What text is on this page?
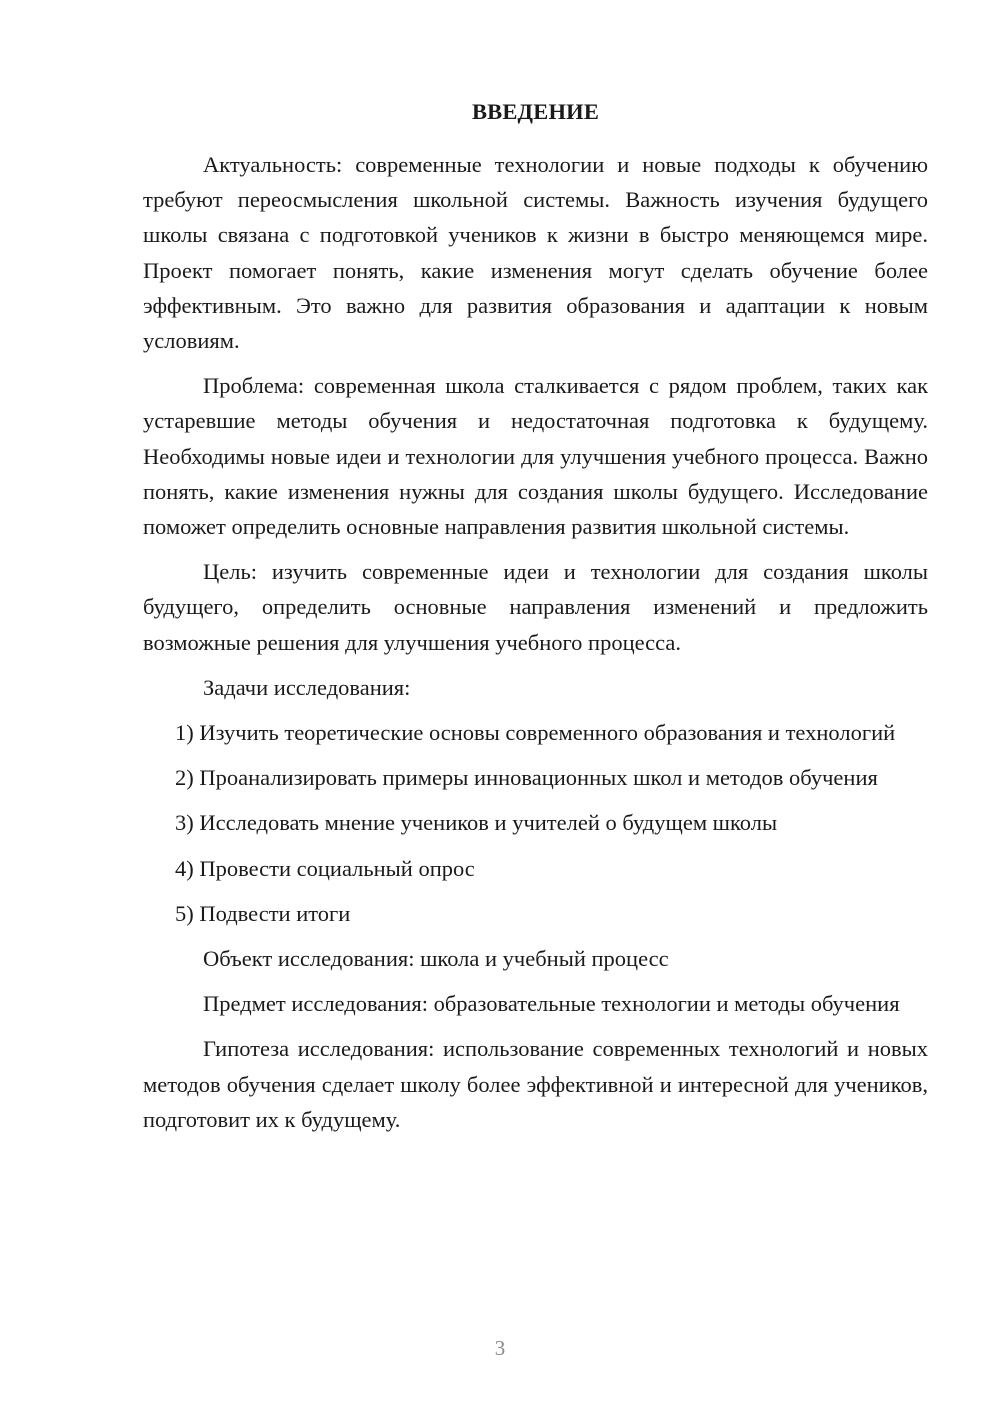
ВВЕДЕНИЕ

Актуальность: современные технологии и новые подходы к обучению требуют переосмысления школьной системы. Важность изучения будущего школы связана с подготовкой учеников к жизни в быстро меняющемся мире. Проект помогает понять, какие изменения могут сделать обучение более эффективным. Это важно для развития образования и адаптации к новым условиям.

Проблема: современная школа сталкивается с рядом проблем, таких как устаревшие методы обучения и недостаточная подготовка к будущему. Необходимы новые идеи и технологии для улучшения учебного процесса. Важно понять, какие изменения нужны для создания школы будущего. Исследование поможет определить основные направления развития школьной системы.

Цель: изучить современные идеи и технологии для создания школы будущего, определить основные направления изменений и предложить возможные решения для улучшения учебного процесса.

Задачи исследования:

1) Изучить теоретические основы современного образования и технологий

2) Проанализировать примеры инновационных школ и методов обучения

3) Исследовать мнение учеников и учителей о будущем школы

4) Провести социальный опрос

5) Подвести итоги

Объект исследования: школа и учебный процесс

Предмет исследования: образовательные технологии и методы обучения

Гипотеза исследования: использование современных технологий и новых методов обучения сделает школу более эффективной и интересной для учеников, подготовит их к будущему.

3
